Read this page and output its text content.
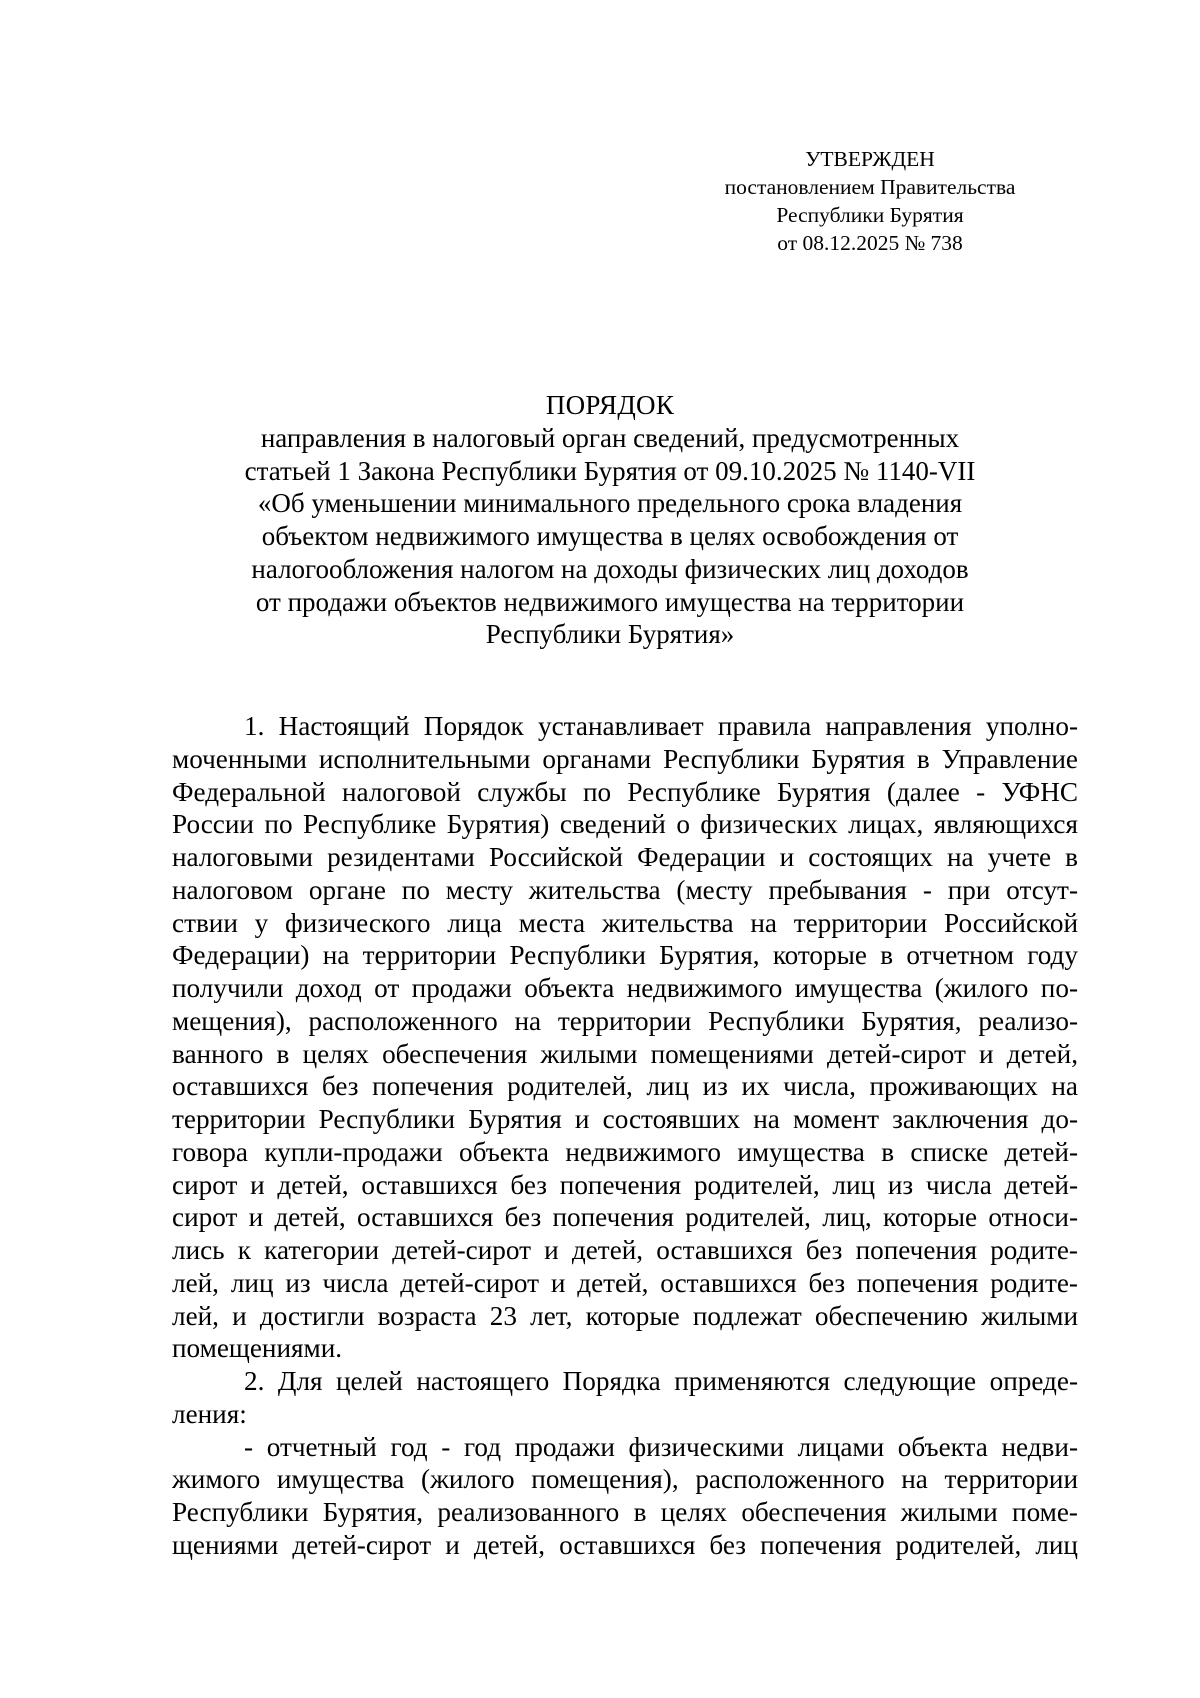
УТВЕРЖДЕН
постановлением Правительства
Республики Бурятия
от 08.12.2025 № 738
ПОРЯДОК
направления в налоговый орган сведений, предусмотренных
статьей 1 Закона Республики Бурятия от 09.10.2025 № 1140-VII
«Об уменьшении минимального предельного срока владения
объектом недвижимого имущества в целях освобождения от
налогообложения налогом на доходы физических лиц доходов
от продажи объектов недвижимого имущества на территории
Республики Бурятия»
1. Настоящий Порядок устанавливает правила направления уполно-
моченными исполнительными органами Республики Бурятия в Управление
Федеральной налоговой службы по Республике Бурятия (далее - УФНС
России по Республике Бурятия) сведений о физических лицах, являющихся
налоговыми резидентами Российской Федерации и состоящих на учете в
налоговом органе по месту жительства (месту пребывания - при отсут-
ствии у физического лица места жительства на территории Российской
Федерации) на территории Республики Бурятия, которые в отчетном году
получили доход от продажи объекта недвижимого имущества (жилого по-
мещения), расположенного на территории Республики Бурятия, реализо-
ванного в целях обеспечения жилыми помещениями детей-сирот и детей,
оставшихся без попечения родителей, лиц из их числа, проживающих на
территории Республики Бурятия и состоявших на момент заключения до-
говора купли-продажи объекта недвижимого имущества в списке детей-
сирот и детей, оставшихся без попечения родителей, лиц из числа детей-
сирот и детей, оставшихся без попечения родителей, лиц, которые относи-
лись к категории детей-сирот и детей, оставшихся без попечения родите-
лей, лиц из числа детей-сирот и детей, оставшихся без попечения родите-
лей, и достигли возраста 23 лет, которые подлежат обеспечению жилыми
помещениями.
2. Для целей настоящего Порядка применяются следующие опреде-
ления:
- отчетный год - год продажи физическими лицами объекта недви-
жимого имущества (жилого помещения), расположенного на территории
Республики Бурятия, реализованного в целях обеспечения жилыми поме-
щениями детей-сирот и детей, оставшихся без попечения родителей, лиц
